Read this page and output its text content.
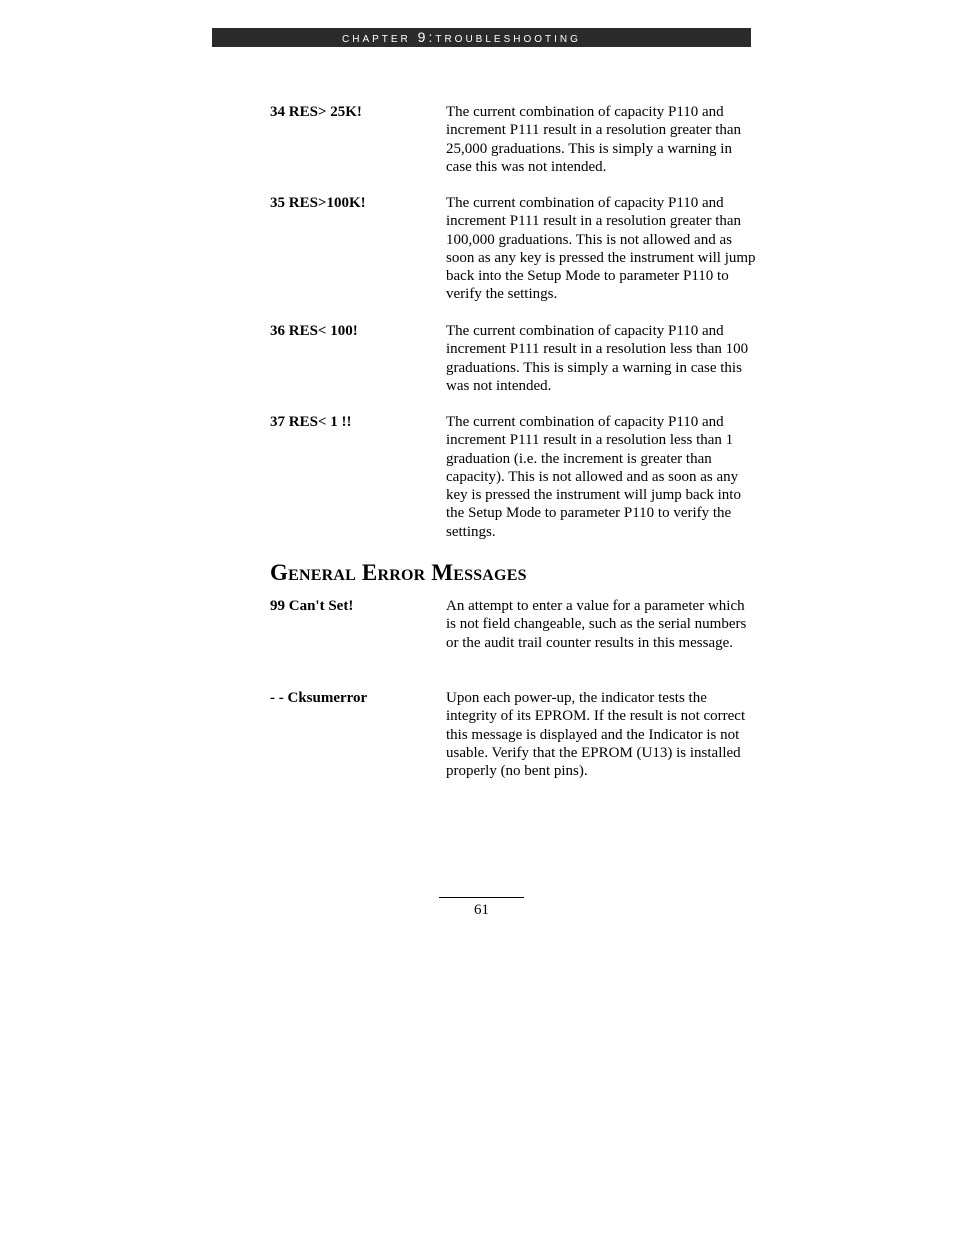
chapter 9:troubleshooting
34 RES> 25K!	The current combination of capacity P110 and increment P111 result in a resolution greater than 25,000 graduations. This is simply a warning in case this was not intended.
35 RES>100K!	The current combination of capacity P110 and increment P111 result in a resolution greater than 100,000 graduations. This is not allowed and as soon as any key is pressed the instrument will jump back into the Setup Mode to parameter P110 to verify the settings.
36 RES< 100!	The current combination of capacity P110 and increment P111 result in a resolution less than 100 graduations. This is simply a warning in case this was not intended.
37 RES< 1 !!	The current combination of capacity P110 and increment P111 result in a resolution less than 1 graduation (i.e. the increment is greater than capacity). This is not allowed and as soon as any key is pressed the instrument will jump back into the Setup Mode to parameter P110 to verify the settings.
General Error Messages
99 Can't Set!	An attempt to enter a value for a parameter which is not field changeable, such as the serial numbers or the audit trail counter results in this message.
- - Cksumerror	Upon each power-up, the indicator tests the integrity of its EPROM. If the result is not correct this message is displayed and the Indicator is not usable. Verify that the EPROM (U13) is installed properly (no bent pins).
61
